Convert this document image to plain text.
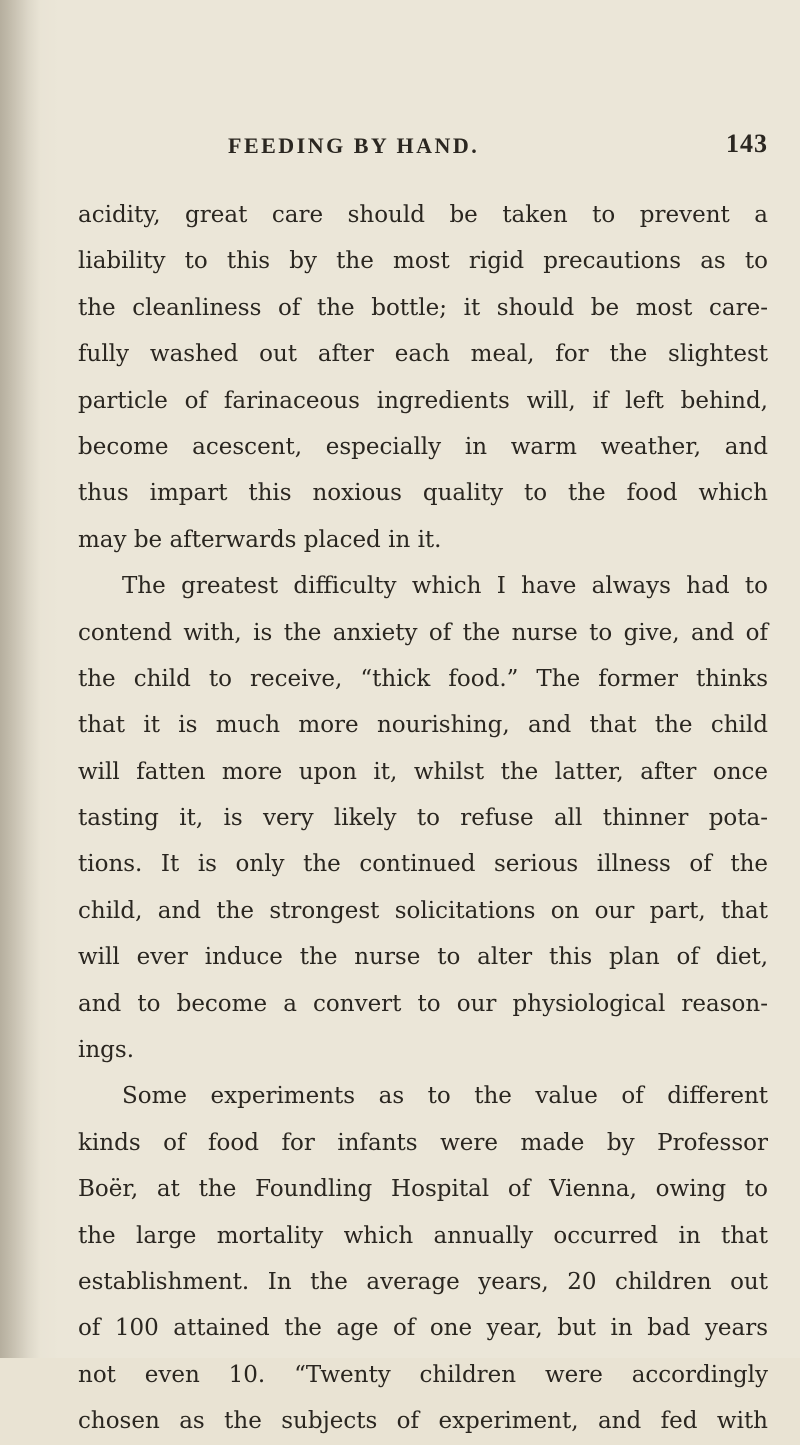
FEEDING BY HAND.	143
acidity, great care should be taken to prevent a
liability to this by the most rigid precautions as to
the cleanliness of the bottle; it should be most care-
fully washed out after each meal, for the slightest
particle of farinaceous ingredients will, if left behind,
become acescent, especially in warm weather, and
thus impart this noxious quality to the food which
may be afterwards placed in it.
The greatest difficulty which I have always had to
contend with, is the anxiety of the nurse to give, and of
the child to receive, “thick food.” The former thinks
that it is much more nourishing, and that the child
will fatten more upon it, whilst the latter, after once
tasting it, is very likely to refuse all thinner pota-
tions. It is only the continued serious illness of the
child, and the strongest solicitations on our part, that
will ever induce the nurse to alter this plan of diet,
and to become a convert to our physiological reason-
ings.
Some experiments as to the value of different
kinds of food for infants were made by Professor
Boër, at the Foundling Hospital of Vienna, owing to
the large mortality which annually occurred in that
establishment. In the average years, 20 children out
of 100 attained the age of one year, but in bad years
not even 10. “Twenty children were accordingly
chosen as the subjects of experiment, and fed with
